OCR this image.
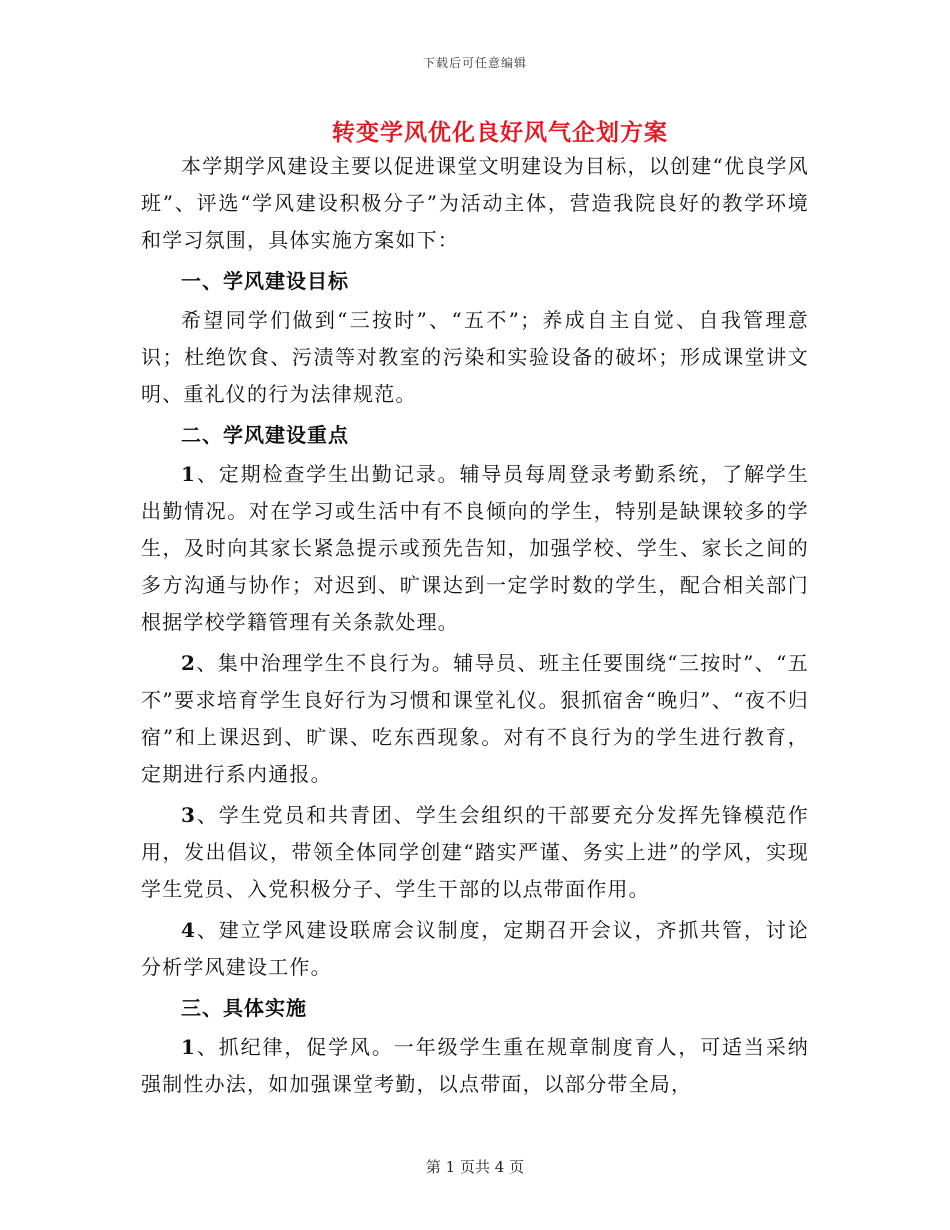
下载后可任意编辑
转变学风优化良好风气企划方案

本学期学风建设主要以促进课堂文明建设为目标，以创建“优良学风班”、评选“学风建设积极分子”为活动主体，营造我院良好的教学环境和学习氛围，具体实施方案如下：

一、学风建设目标

希望同学们做到“三按时”、“五不”；养成自主自觉、自我管理意识；杜绝饮食、污渍等对教室的污染和实验设备的破坏；形成课堂讲文明、重礼仪的行为法律规范。

二、学风建设重点

1、定期检查学生出勤记录。辅导员每周登录考勤系统，了解学生出勤情况。对在学习或生活中有不良倾向的学生，特别是缺课较多的学生，及时向其家长紧急提示或预先告知，加强学校、学生、家长之间的多方沟通与协作；对迟到、旷课达到一定学时数的学生，配合相关部门根据学校学籍管理有关条款处理。

2、集中治理学生不良行为。辅导员、班主任要围绕“三按时”、“五不”要求培育学生良好行为习惯和课堂礼仪。狠抓宿舍“晚归”、“夜不归宿”和上课迟到、旷课、吃东西现象。对有不良行为的学生进行教育，定期进行系内通报。

3、学生党员和共青团、学生会组织的干部要充分发挥先锋模范作用，发出倡议，带领全体同学创建“踏实严谨、务实上进”的学风，实现学生党员、入党积极分子、学生干部的以点带面作用。

4、建立学风建设联席会议制度，定期召开会议，齐抓共管，讨论分析学风建设工作。

三、具体实施

1、抓纪律，促学风。一年级学生重在规章制度育人，可适当采纳强制性办法，如加强课堂考勤，以点带面，以部分带全局，

第 1 页共 4 页
